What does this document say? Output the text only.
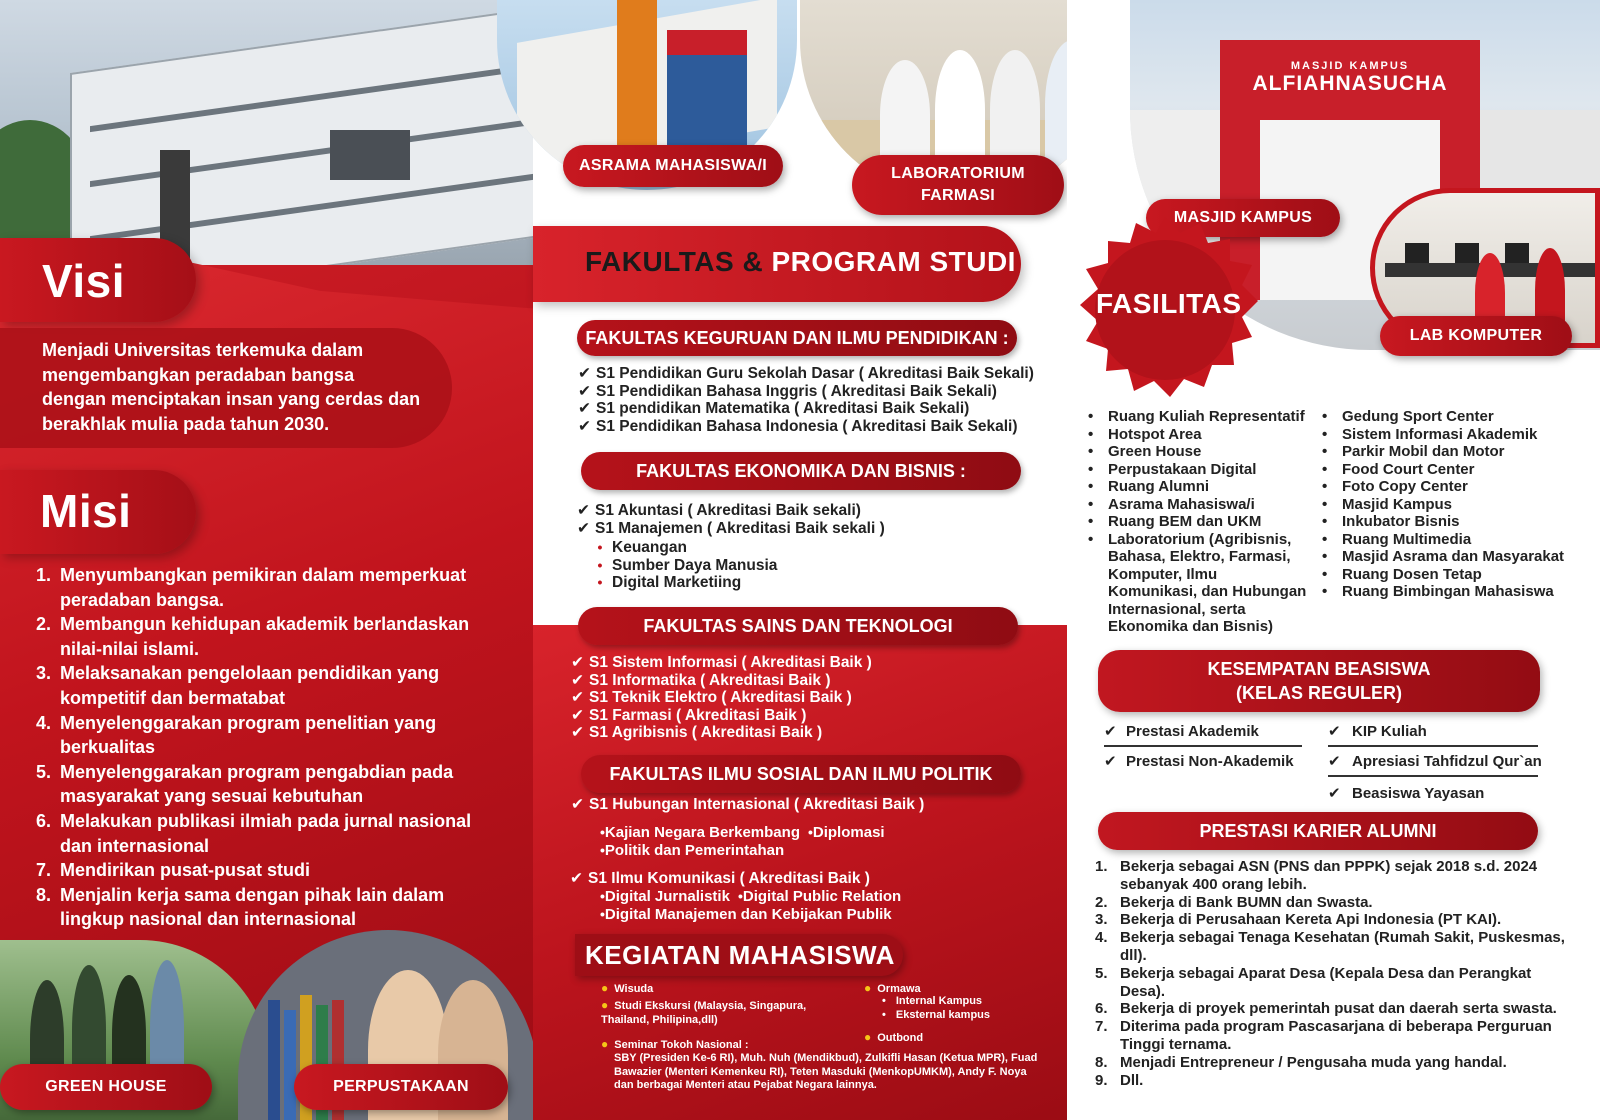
Visi
Menjadi Universitas terkemuka dalam mengembangkan peradaban bangsa dengan menciptakan insan yang cerdas dan berakhlak mulia pada tahun 2030.
Misi
1. Menyumbangkan pemikiran dalam memperkuat peradaban bangsa.
2. Membangun kehidupan akademik berlandaskan nilai-nilai islami.
3. Melaksanakan pengelolaan pendidikan yang kompetitif dan bermatabat
4. Menyelenggarakan program penelitian yang berkualitas
5. Menyelenggarakan program pengabdian pada masyarakat yang sesuai kebutuhan
6. Melakukan publikasi ilmiah pada jurnal nasional dan internasional
7. Mendirikan pusat-pusat studi
8. Menjalin kerja sama dengan pihak lain dalam lingkup nasional dan internasional
GREEN HOUSE	PERPUSTAKAAN
ASRAMA MAHASISWA/I	LABORATORIUM
FARMASI
FAKULTAS & PROGRAM STUDI
FAKULTAS KEGURUAN DAN ILMU PENDIDIKAN :
✔ S1 Pendidikan Guru Sekolah Dasar ( Akreditasi Baik Sekali)
✔ S1 Pendidikan Bahasa Inggris ( Akreditasi Baik Sekali)
✔ S1 pendidikan Matematika ( Akreditasi Baik Sekali)
✔ S1 Pendidikan Bahasa Indonesia ( Akreditasi Baik Sekali)
FAKULTAS EKONOMIKA DAN BISNIS :
✔ S1 Akuntasi ( Akreditasi Baik sekali)
✔ S1 Manajemen ( Akreditasi Baik sekali )
• Keuangan
• Sumber Daya Manusia
• Digital Marketiing
FAKULTAS SAINS DAN TEKNOLOGI
✔ S1 Sistem Informasi ( Akreditasi Baik )
✔ S1 Informatika ( Akreditasi Baik )
✔ S1 Teknik Elektro ( Akreditasi Baik )
✔ S1 Farmasi ( Akreditasi Baik )
✔ S1 Agribisnis ( Akreditasi Baik )
FAKULTAS ILMU SOSIAL DAN ILMU POLITIK
✔ S1 Hubungan Internasional ( Akreditasi Baik )
•Kajian Negara Berkembang •Diplomasi
•Politik dan Pemerintahan
✔ S1 Ilmu Komunikasi ( Akreditasi Baik )
•Digital Jurnalistik •Digital Public Relation
•Digital Manajemen dan Kebijakan Publik
KEGIATAN MAHASISWA
● Wisuda
● Studi Ekskursi (Malaysia, Singapura, Thailand, Philipina,dll)
● Seminar Tokoh Nasional :
SBY (Presiden Ke-6 RI), Muh. Nuh (Mendikbud), Zulkifli Hasan (Ketua MPR), Fuad Bawazier (Menteri Kemenkeu RI), Teten Masduki (MenkopUMKM), Andy F. Noya dan berbagai Menteri atau Pejabat Negara lainnya.
● Ormawa
• Internal Kampus
• Eksternal kampus
● Outbond
MASJID KAMPUS
ALFIAHNASUCHA
MASJID KAMPUS
LAB KOMPUTER
FASILITAS
• Ruang Kuliah Representatif
• Hotspot Area
• Green House
• Perpustakaan Digital
• Ruang Alumni
• Asrama Mahasiswa/i
• Ruang BEM dan UKM
• Laboratorium (Agribisnis, Bahasa, Elektro, Farmasi, Komputer, Ilmu Komunikasi, dan Hubungan Internasional, serta Ekonomika dan Bisnis)
• Gedung Sport Center
• Sistem Informasi Akademik
• Parkir Mobil dan Motor
• Food Court Center
• Foto Copy Center
• Masjid Kampus
• Inkubator Bisnis
• Ruang Multimedia
• Masjid Asrama dan Masyarakat
• Ruang Dosen Tetap
• Ruang Bimbingan Mahasiswa
KESEMPATAN BEASISWA
(KELAS REGULER)
✔ Prestasi Akademik
✔ Prestasi Non-Akademik
✔ KIP Kuliah
✔ Apresiasi Tahfidzul Qur`an
✔ Beasiswa Yayasan
PRESTASI KARIER ALUMNI
1. Bekerja sebagai ASN (PNS dan PPPK) sejak 2018 s.d. 2024 sebanyak 400 orang lebih.
2. Bekerja di Bank BUMN dan Swasta.
3. Bekerja di Perusahaan Kereta Api Indonesia (PT KAI).
4. Bekerja sebagai Tenaga Kesehatan (Rumah Sakit, Puskesmas, dll).
5. Bekerja sebagai Aparat Desa (Kepala Desa dan Perangkat Desa).
6. Bekerja di proyek pemerintah pusat dan daerah serta swasta.
7. Diterima pada program Pascasarjana di beberapa Perguruan Tinggi ternama.
8. Menjadi Entrepreneur / Pengusaha muda yang handal.
9. Dll.
